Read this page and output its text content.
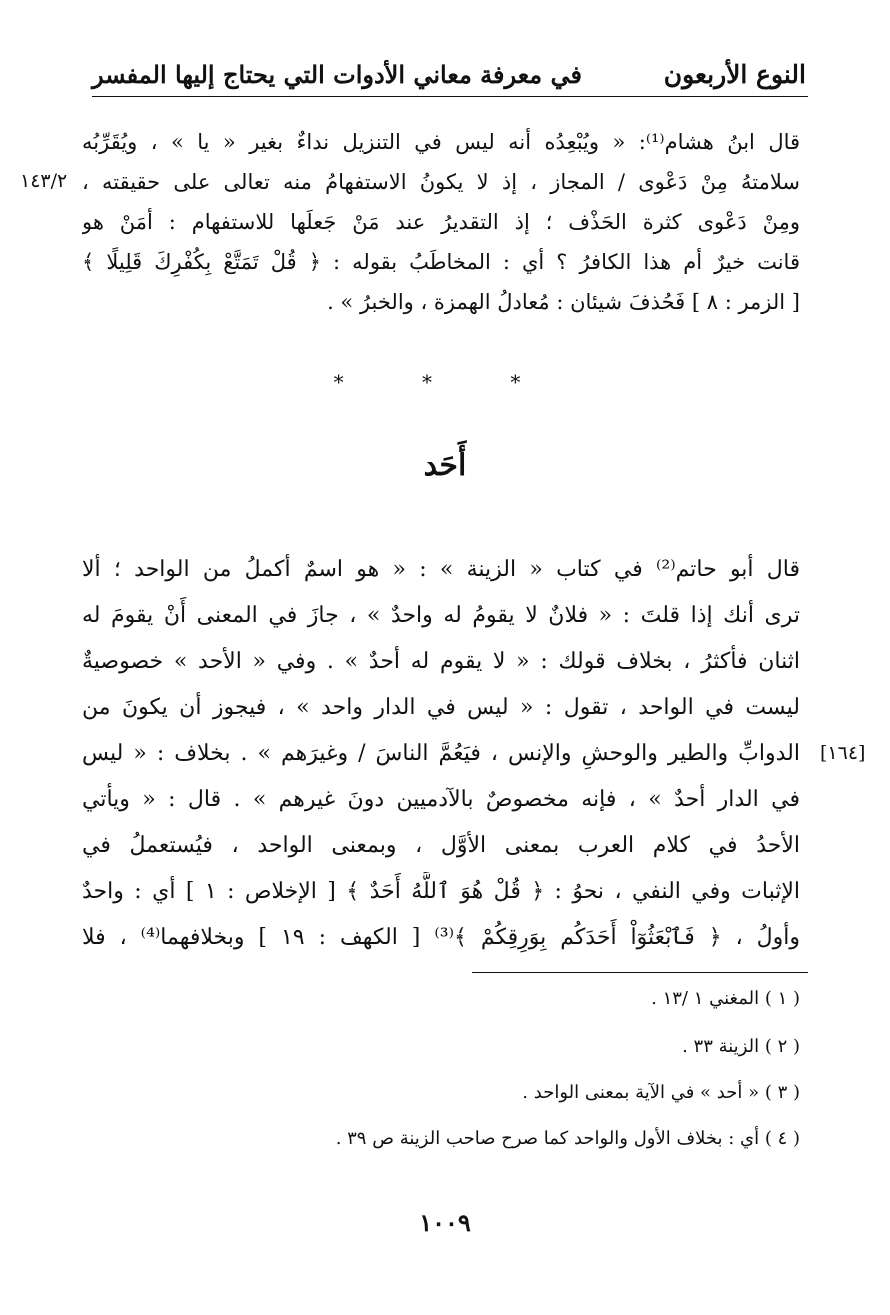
النوع الأربعون
في معرفة معاني الأدوات التي يحتاج إليها المفسر
قال ابنُ هشام⁽¹⁾: « ويُبْعِدُه أنه ليس في التنزيل نداءٌ بغير « يا » ، ويُقَرِّبُه
سلامتهُ مِنْ دَعْوى / المجاز ، إذ لا يكونُ الاستفهامُ منه تعالى على حقيقته ،
١٤٣/٢
ومِنْ دَعْوى كثرة الحَذْف ؛ إذ التقديرُ عند مَنْ جَعلَها للاستفهام : أمَنْ هو
قانت خيرٌ أم هذا الكافرُ ؟ أي : المخاطَبُ بقوله : ﴿ قُلْ تَمَتَّعْ بِكُفْرِكَ قَلِيلًا ﴾
[ الزمر : ٨ ] فَحُذفَ شيئان : مُعادلُ الهمزة ، والخبرُ » .
* * *
أَحَد
قال أبو حاتم⁽²⁾ في كتاب « الزينة » : « هو اسمٌ أكملُ من الواحد ؛ ألا
ترى أنك إذا قلتَ : « فلانٌ لا يقومُ له واحدٌ » ، جازَ في المعنى أَنْ يقومَ له
اثنان فأكثرُ ، بخلاف قولك : « لا يقوم له أحدٌ » . وفي « الأحد » خصوصيةٌ
ليست في الواحد ، تقول : « ليس في الدار واحد » ، فيجوز أن يكونَ من
الدوابِّ والطير والوحشِ والإنس ، فيَعُمَّ الناسَ / وغيرَهم » . بخلاف : « ليس [١٦٤]
في الدار أحدٌ » ، فإنه مخصوصٌ بالآدميين دونَ غيرهم » . قال : « ويأتي
الأحدُ في كلام العرب بمعنى الأوَّل ، وبمعنى الواحد ، فيُستعملُ في
الإثبات وفي النفي ، نحوُ : ﴿ قُلْ هُوَ ٱللَّهُ أَحَدٌ ﴾ [ الإخلاص : ١ ] أي : واحدٌ
وأولُ ، ﴿ فَٱبْعَثُوٓاْ أَحَدَكُم بِوَرِقِكُمْ ﴾⁽³⁾ [ الكهف : ١٩ ] وبخلافهما⁽⁴⁾ ، فلا
( ١ ) المغني ١ /١٣ .
( ٢ ) الزينة ٣٣ .
( ٣ ) « أحد » في الآية بمعنى الواحد .
( ٤ ) أي : بخلاف الأول والواحد كما صرح صاحب الزينة ص ٣٩ .
١٠٠٩
